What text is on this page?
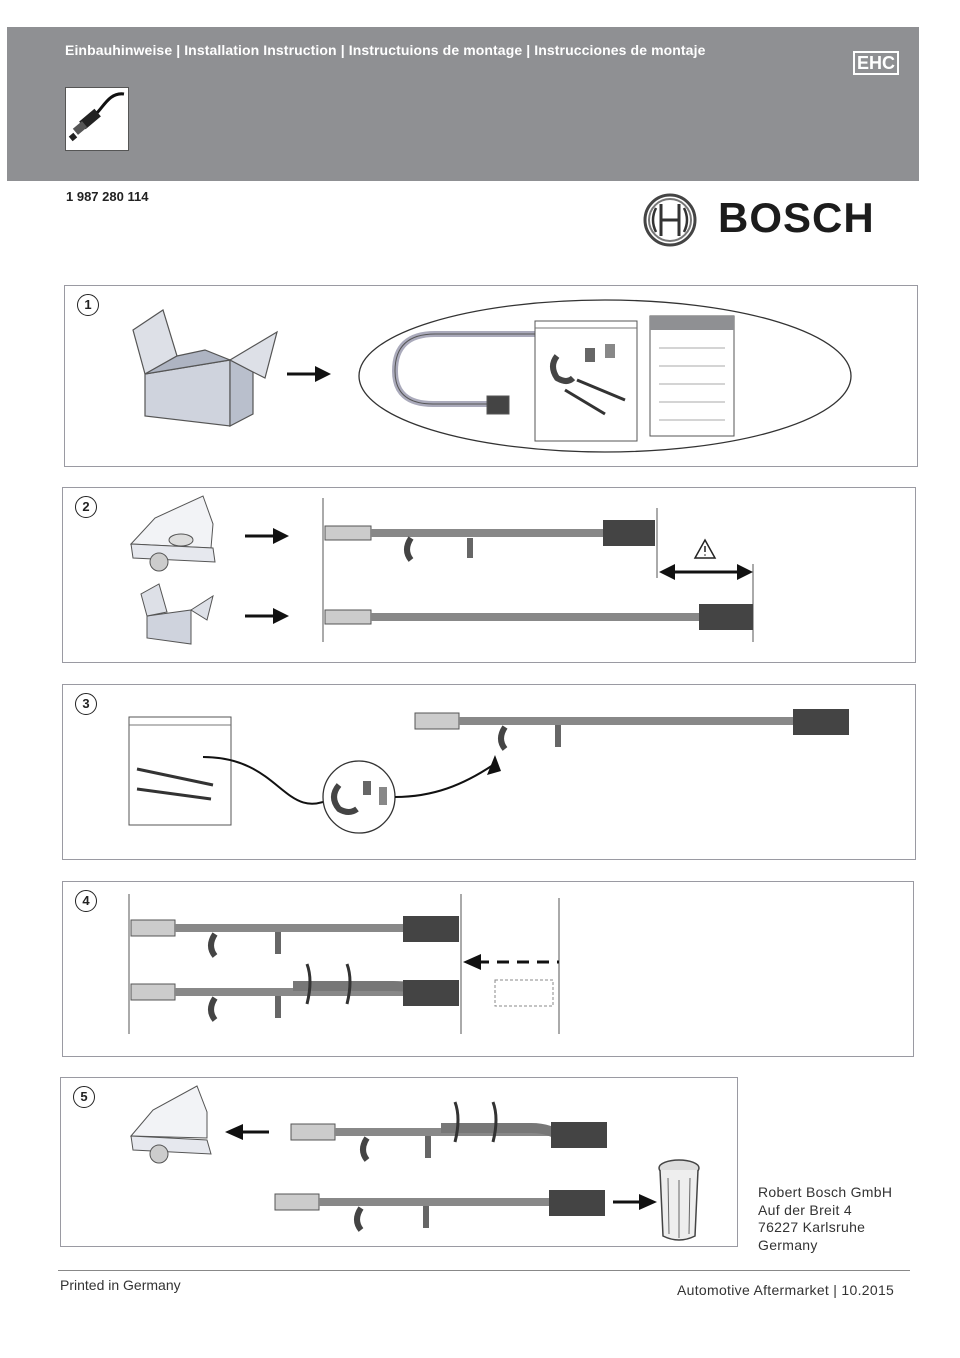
Einbauhinweise | Installation Instruction | Instructuions de montage | Instrucciones de montaje
EHC
1 987 280 114	BOSCH
1
2
3
4
5
Robert Bosch GmbH
Auf der Breit 4
76227 Karlsruhe
Germany
Printed in Germany	Automotive Aftermarket | 10.2015
